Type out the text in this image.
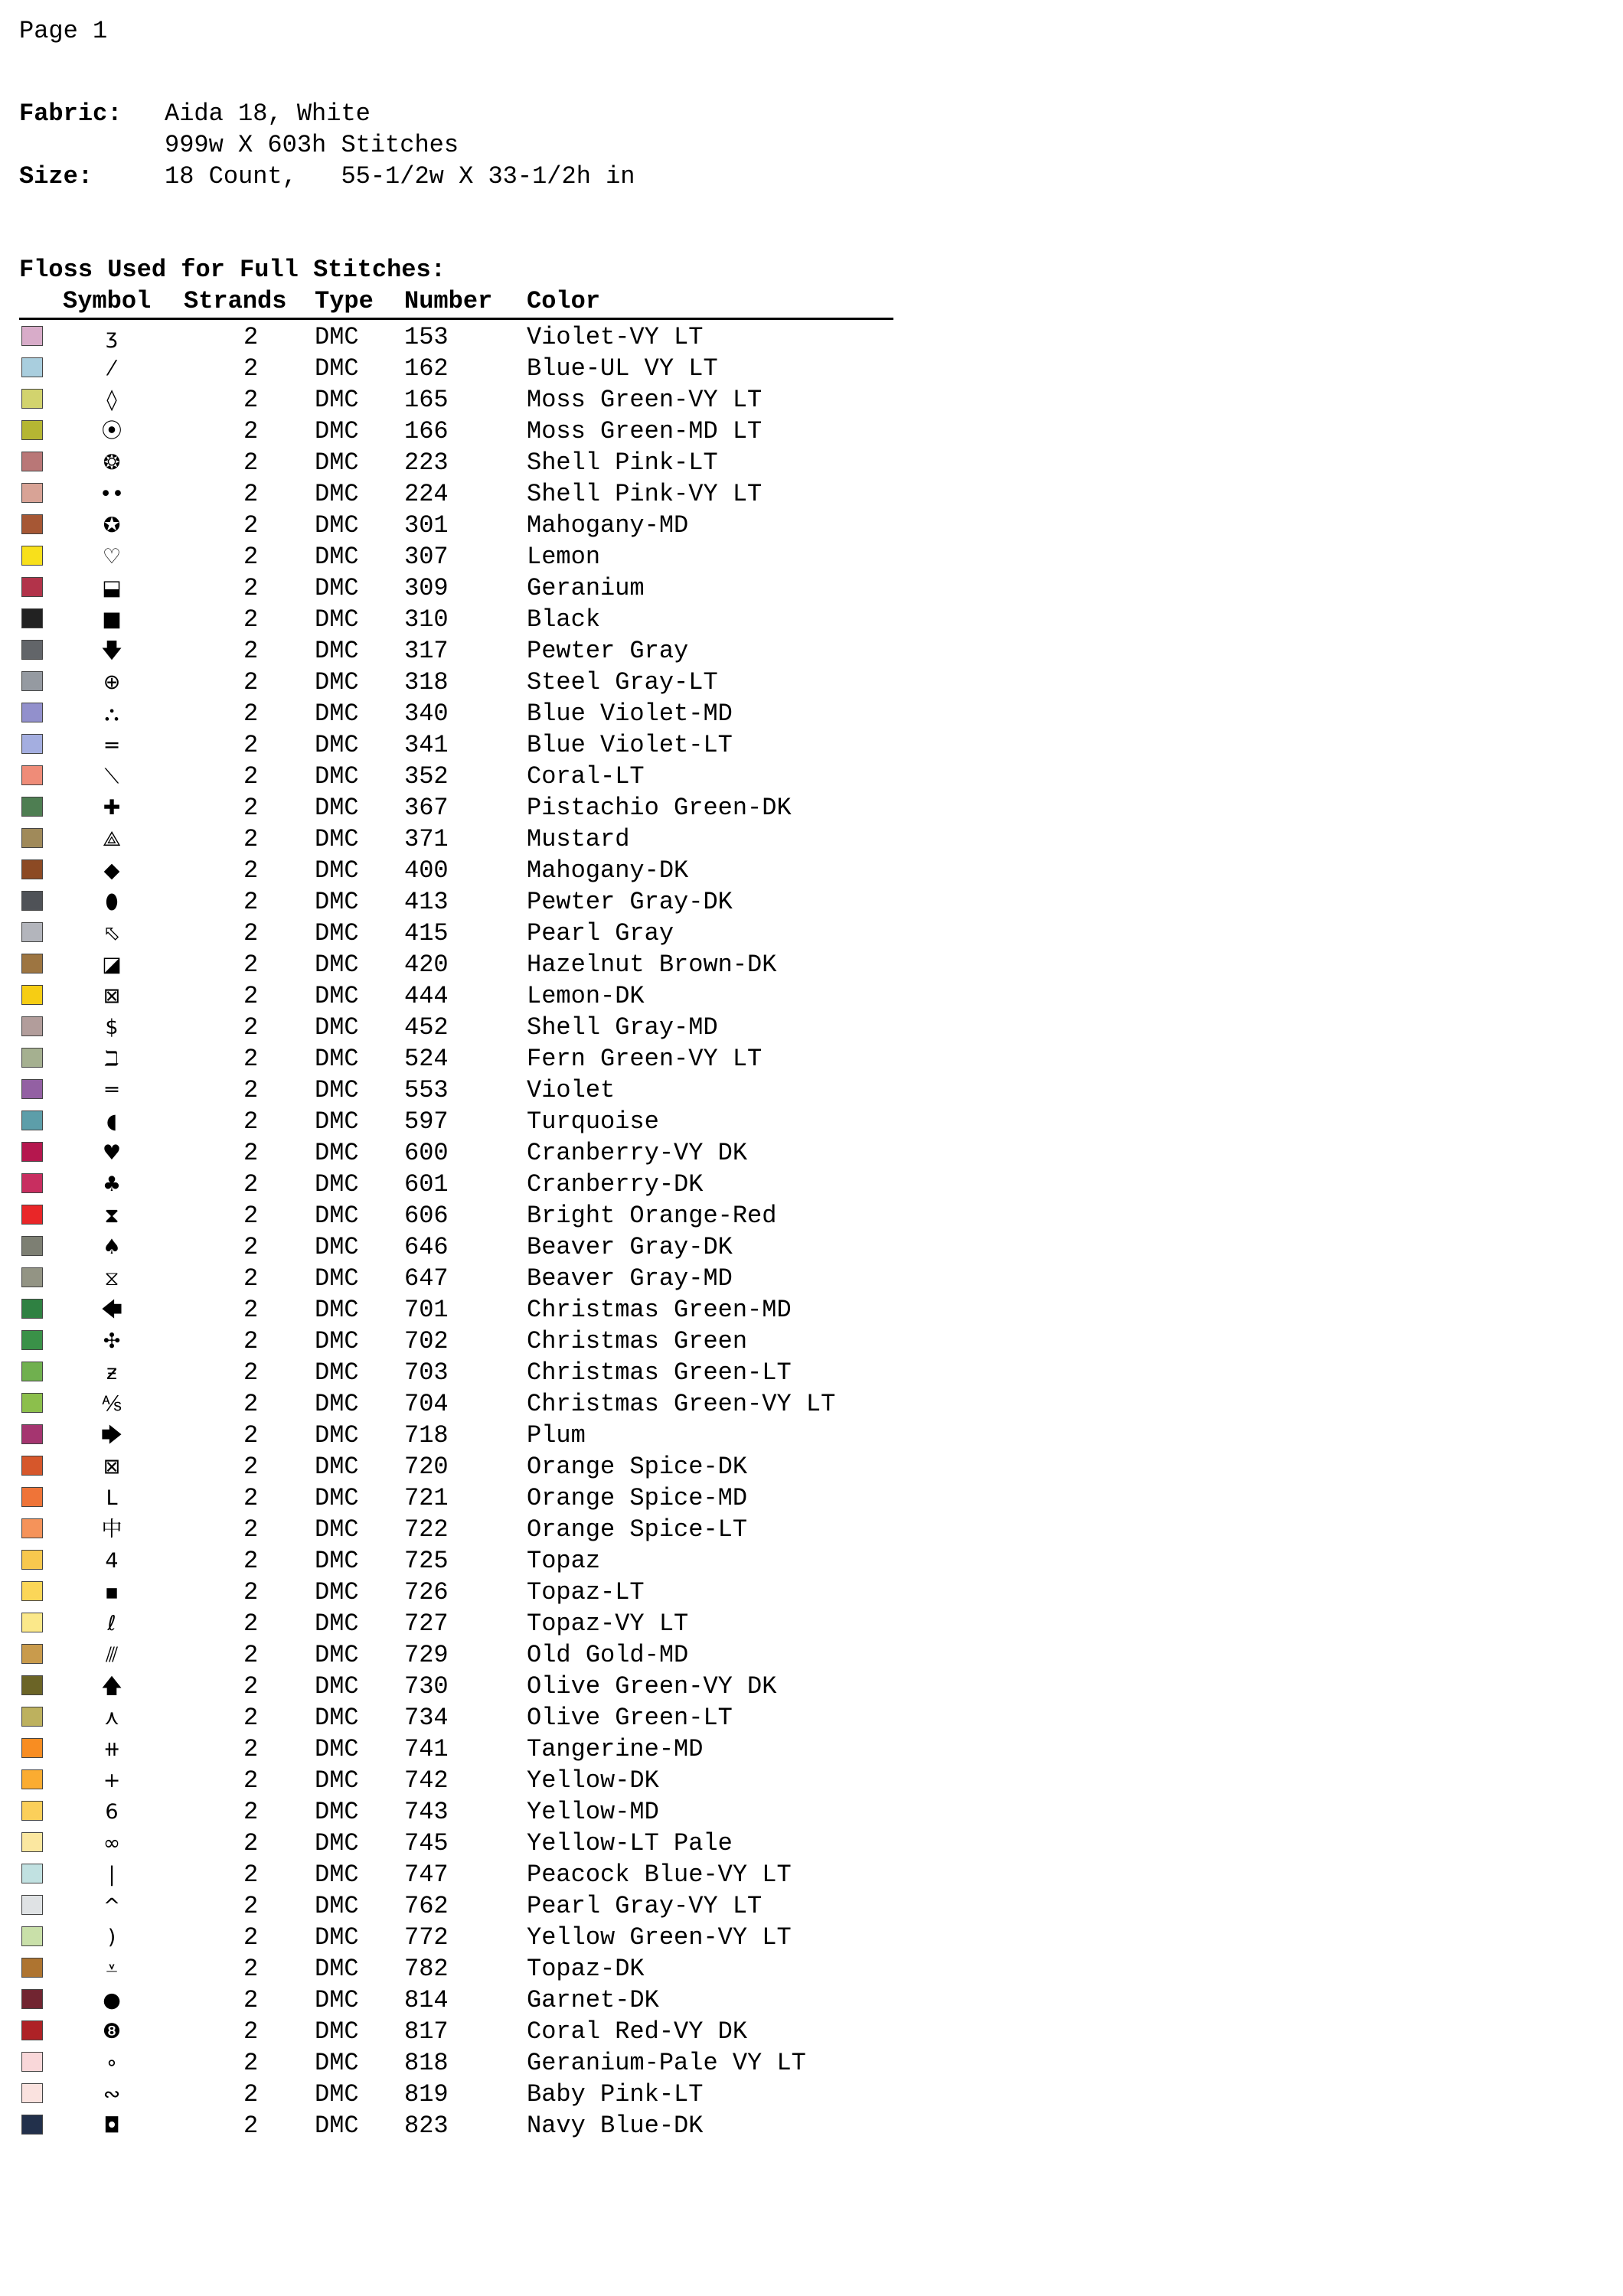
Page 1
Fabric: Aida 18, White
999w X 603h Stitches
Size:	18 Count,   55-1/2w X 33-1/2h in
Floss Used for Full Stitches:
Symbol Strands Type Number Color
ʒ	2 DMC 153	Violet-VY LT
⁄	2 DMC 162	Blue-UL VY LT
◊	2 DMC 165	Moss Green-VY LT
⦿	2 DMC 166	Moss Green-MD LT
❂	2 DMC 223	Shell Pink-LT
••	2 DMC 224	Shell Pink-VY LT
✪	2 DMC 301	Mahogany-MD
♡	2 DMC 307	Lemon
⬓	2 DMC 309	Geranium
■	2 DMC 310	Black
🡇	2 DMC 317	Pewter Gray
⊕	2 DMC 318	Steel Gray-LT
⛬	2 DMC 340	Blue Violet-MD
=	2 DMC 341	Blue Violet-LT
⟍	2 DMC 352	Coral-LT
✚	2 DMC 367	Pistachio Green-DK
⟁	2 DMC 371	Mustard
◆	2 DMC 400	Mahogany-DK
⬮	2 DMC 413	Pewter Gray-DK
⬁	2 DMC 415	Pearl Gray
◪	2 DMC 420	Hazelnut Brown-DK
⊠	2 DMC 444	Lemon-DK
$	2 DMC 452	Shell Gray-MD
ℶ	2 DMC 524	Fern Green-VY LT
═	2 DMC 553	Violet
◖	2 DMC 597	Turquoise
♥	2 DMC 600	Cranberry-VY DK
♣	2 DMC 601	Cranberry-DK
⧗	2 DMC 606	Bright Orange-Red
♠	2 DMC 646	Beaver Gray-DK
⧖	2 DMC 647	Beaver Gray-MD
🡄	2 DMC 701	Christmas Green-MD
✣	2 DMC 702	Christmas Green
ƶ	2 DMC 703	Christmas Green-LT
⅍	2 DMC 704	Christmas Green-VY LT
🡆	2 DMC 718	Plum
⊠	2 DMC 720	Orange Spice-DK
L	2 DMC 721	Orange Spice-MD
中	2 DMC 722	Orange Spice-LT
4	2 DMC 725	Topaz
▪	2 DMC 726	Topaz-LT
ℓ	2 DMC 727	Topaz-VY LT
⫻	2 DMC 729	Old Gold-MD
🡅	2 DMC 730	Olive Green-VY DK
⋏	2 DMC 734	Olive Green-LT
⧺	2 DMC 741	Tangerine-MD
+	2 DMC 742	Yellow-DK
6	2 DMC 743	Yellow-MD
∞	2 DMC 745	Yellow-LT Pale
|	2 DMC 747	Peacock Blue-VY LT
^	2 DMC 762	Pearl Gray-VY LT
)	2 DMC 772	Yellow Green-VY LT
⩡	2 DMC 782	Topaz-DK
●	2 DMC 814	Garnet-DK
❽	2 DMC 817	Coral Red-VY DK
∘	2 DMC 818	Geranium-Pale VY LT
∾	2 DMC 819	Baby Pink-LT
◘	2 DMC 823	Navy Blue-DK
